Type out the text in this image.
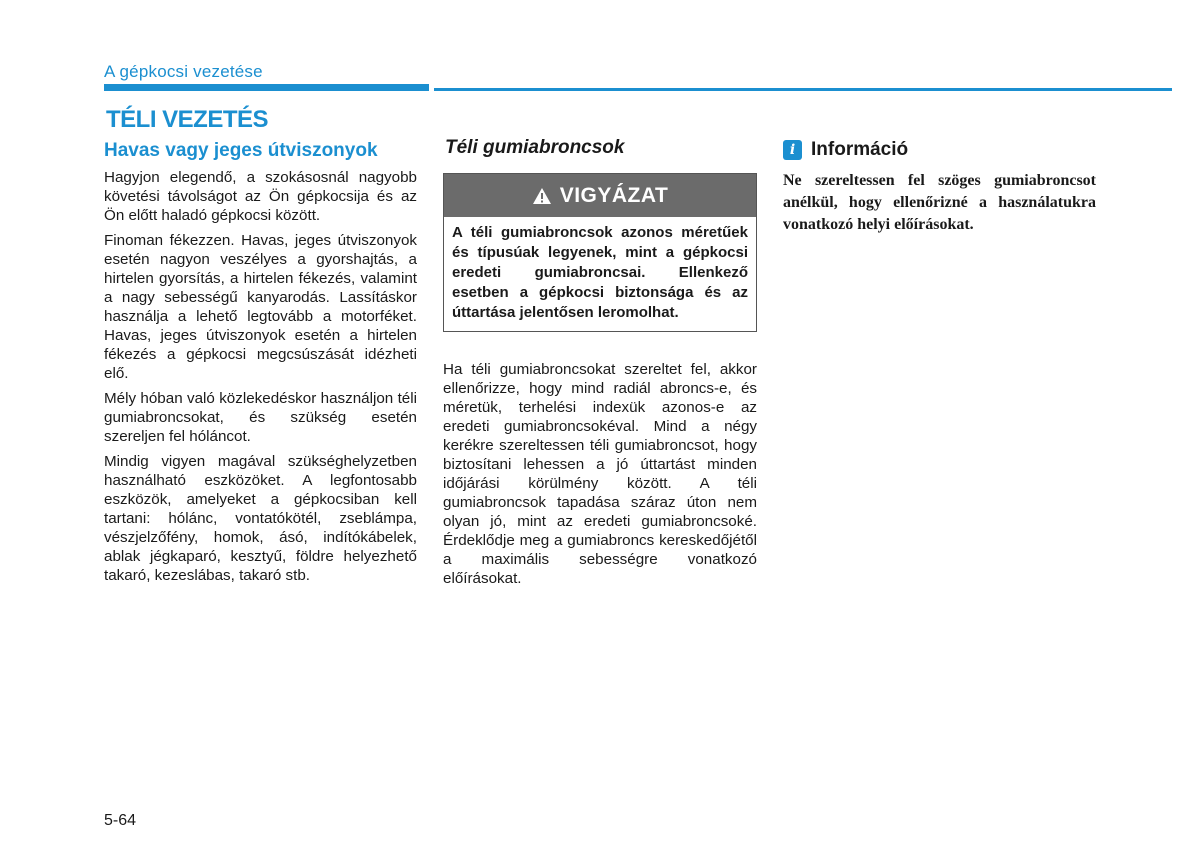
A gépkocsi vezetése
TÉLI VEZETÉS
Havas vagy jeges útviszonyok

Hagyjon elegendő, a szokásosnál nagyobb követési távolságot az Ön gépkocsija és az Ön előtt haladó gépkocsi között.

Finoman fékezzen. Havas, jeges útviszonyok esetén nagyon veszélyes a gyorshajtás, a hirtelen gyorsítás, a hirtelen fékezés, valamint a nagy sebességű kanyarodás. Lassításkor használja a lehető legtovább a motorféket. Havas, jeges útviszonyok esetén a hirtelen fékezés a gépkocsi megcsúszását idézheti elő.

Mély hóban való közlekedéskor használjon téli gumiabroncsokat, és szükség esetén szereljen fel hóláncot.

Mindig vigyen magával szükséghelyzetben használható eszközöket. A legfontosabb eszközök, amelyeket a gépkocsiban kell tartani: hólánc, vontatókötél, zseblámpa, vészjelzőfény, homok, ásó, indítókábelek, ablak jégkaparó, kesztyű, földre helyezhető takaró, kezeslábas, takaró stb.

Téli gumiabroncsok
VIGYÁZAT
A téli gumiabroncsok azonos méretűek és típusúak legyenek, mint a gépkocsi eredeti gumiabroncsai. Ellenkező esetben a gépkocsi biztonsága és az úttartása jelentősen leromolhat.

Ha téli gumiabroncsokat szereltet fel, akkor ellenőrizze, hogy mind radiál abroncs-e, és méretük, terhelési indexük azonos-e az eredeti gumiabroncsokéval. Mind a négy kerékre szereltessen téli gumiabroncsot, hogy biztosítani lehessen a jó úttartást minden időjárási körülmény között. A téli gumiabroncsok tapadása száraz úton nem olyan jó, mint az eredeti gumiabroncsoké. Érdeklődje meg a gumiabroncs kereskedőjétől a maximális sebességre vonatkozó előírásokat.

i Információ
Ne szereltessen fel szöges gumiabroncsot anélkül, hogy ellenőrizné a használatukra vonatkozó helyi előírásokat.
5-64
